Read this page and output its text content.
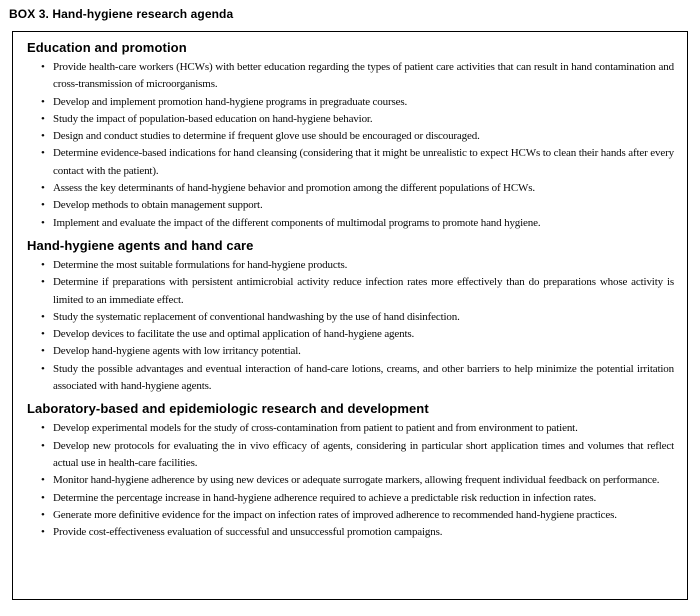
BOX 3. Hand-hygiene research agenda
Education and promotion
• Provide health-care workers (HCWs) with better education regarding the types of patient care activities that can result in hand contamination and cross-transmission of microorganisms.
• Develop and implement promotion hand-hygiene programs in pregraduate courses.
• Study the impact of population-based education on hand-hygiene behavior.
• Design and conduct studies to determine if frequent glove use should be encouraged or discouraged.
• Determine evidence-based indications for hand cleansing (considering that it might be unrealistic to expect HCWs to clean their hands after every contact with the patient).
• Assess the key determinants of hand-hygiene behavior and promotion among the different populations of HCWs.
• Develop methods to obtain management support.
• Implement and evaluate the impact of the different components of multimodal programs to promote hand hygiene.
Hand-hygiene agents and hand care
• Determine the most suitable formulations for hand-hygiene products.
• Determine if preparations with persistent antimicrobial activity reduce infection rates more effectively than do preparations whose activity is limited to an immediate effect.
• Study the systematic replacement of conventional handwashing by the use of hand disinfection.
• Develop devices to facilitate the use and optimal application of hand-hygiene agents.
• Develop hand-hygiene agents with low irritancy potential.
• Study the possible advantages and eventual interaction of hand-care lotions, creams, and other barriers to help minimize the potential irritation associated with hand-hygiene agents.
Laboratory-based and epidemiologic research and development
• Develop experimental models for the study of cross-contamination from patient to patient and from environment to patient.
• Develop new protocols for evaluating the in vivo efficacy of agents, considering in particular short application times and volumes that reflect actual use in health-care facilities.
• Monitor hand-hygiene adherence by using new devices or adequate surrogate markers, allowing frequent individual feedback on performance.
• Determine the percentage increase in hand-hygiene adherence required to achieve a predictable risk reduction in infection rates.
• Generate more definitive evidence for the impact on infection rates of improved adherence to recommended hand-hygiene practices.
• Provide cost-effectiveness evaluation of successful and unsuccessful promotion campaigns.
